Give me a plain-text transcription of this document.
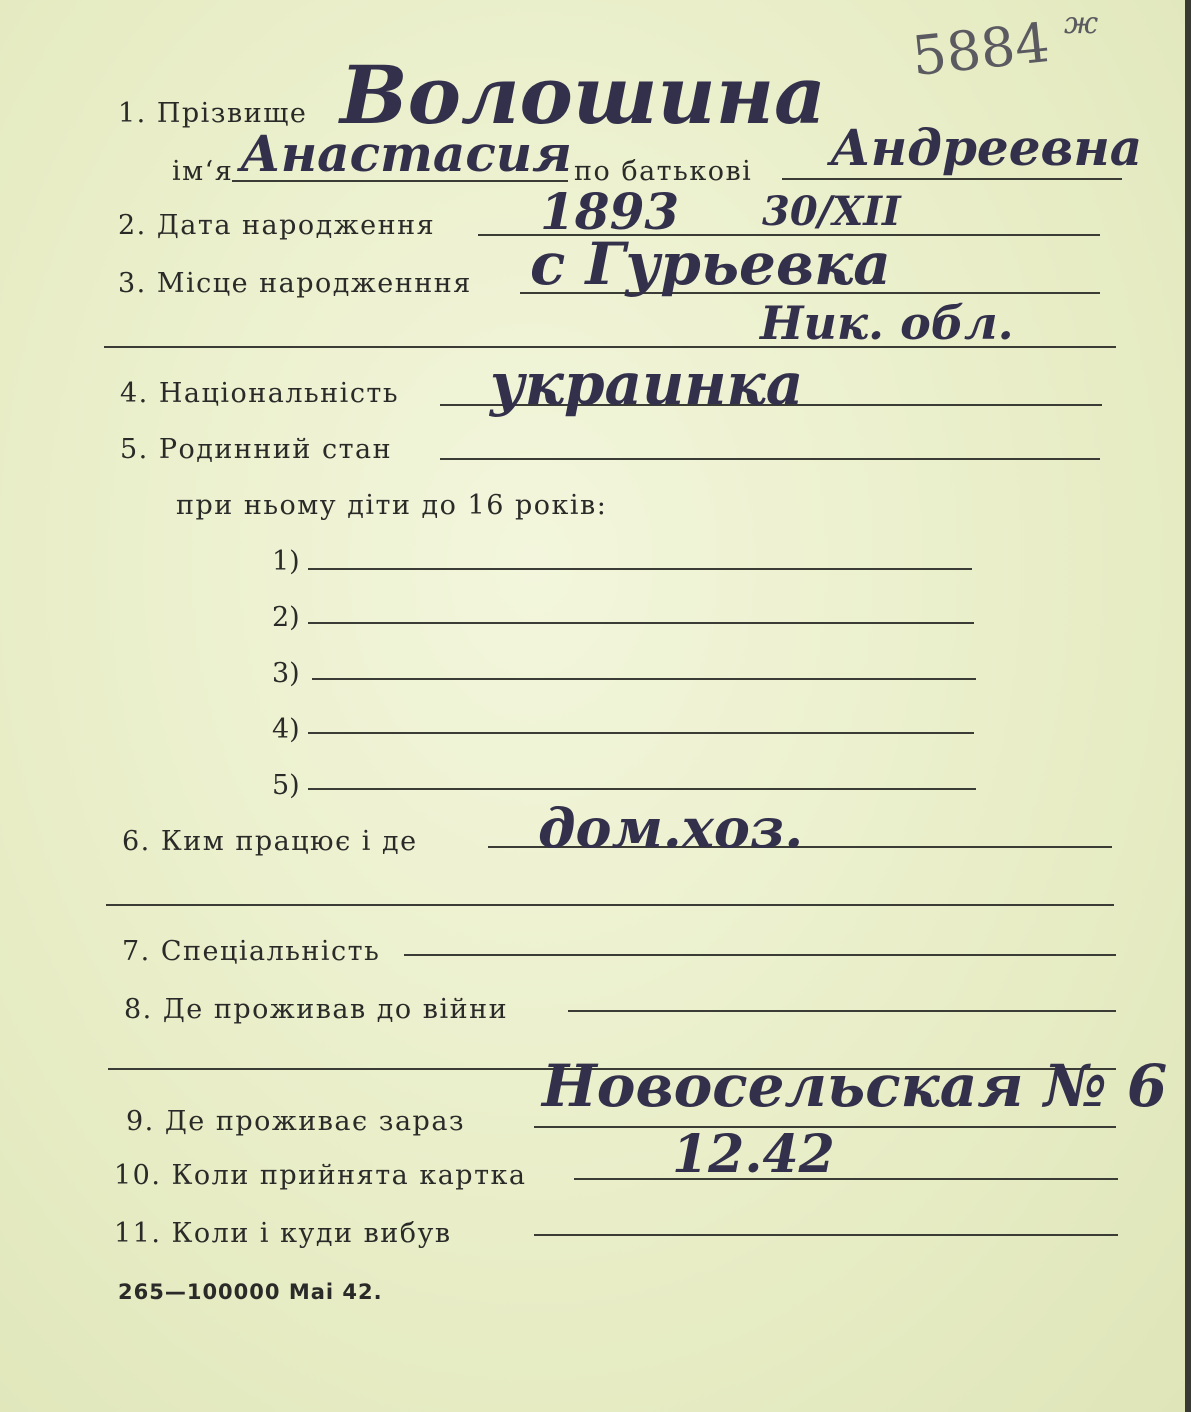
5884 ж
1. Прізвище Волошина
ім‘я Анастасия по батькові Андреевна
2. Дата народження 1893 30/XII
3. Місце народженння с Гурьевка
Ник. обл.
4. Національність украинка
5. Родинний стан
при ньому діти до 16 років:
1)
2)
3)
4)
5)
6. Ким працює і де дом.хоз.
7. Спеціальність
8. Де проживав до війни
9. Де проживає зараз
Новосельская № 6
10. Коли прийнята картка	12.42
11. Коли і куди вибув
265—100000 Маі 42.
